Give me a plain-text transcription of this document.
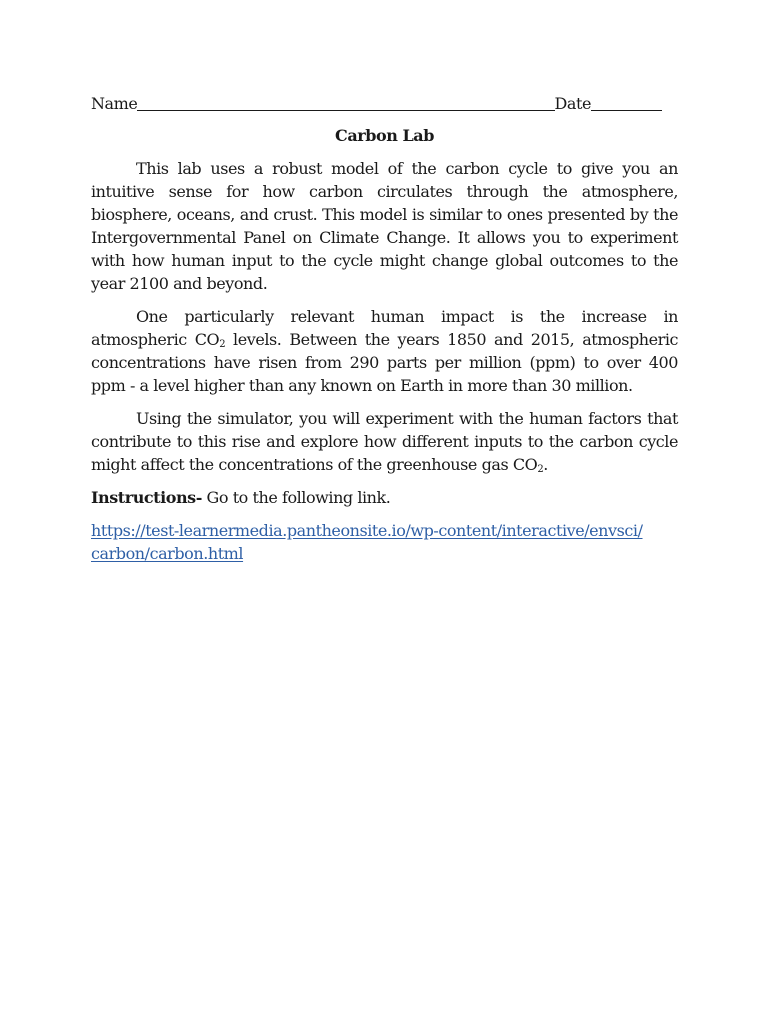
Name	Date
Carbon Lab

This lab uses a robust model of the carbon cycle to give you an intuitive sense for how carbon circulates through the atmosphere, biosphere, oceans, and crust. This model is similar to ones presented by the Intergovernmental Panel on Climate Change. It allows you to experiment with how human input to the cycle might change global outcomes to the year 2100 and beyond.

One particularly relevant human impact is the increase in atmospheric $CO_2$ levels. Between the years 1850 and 2015, atmospheric concentrations have risen from 290 parts per million (ppm) to over 400 ppm - a level higher than any known on Earth in more than 30 million.

Using the simulator, you will experiment with the human factors that contribute to this rise and explore how different inputs to the carbon cycle might affect the concentrations of the greenhouse gas $CO_2$.

Instructions- Go to the following link.

https://test-learnermedia.pantheonsite.io/wp-content/interactive/envsci/
carbon/carbon.html
